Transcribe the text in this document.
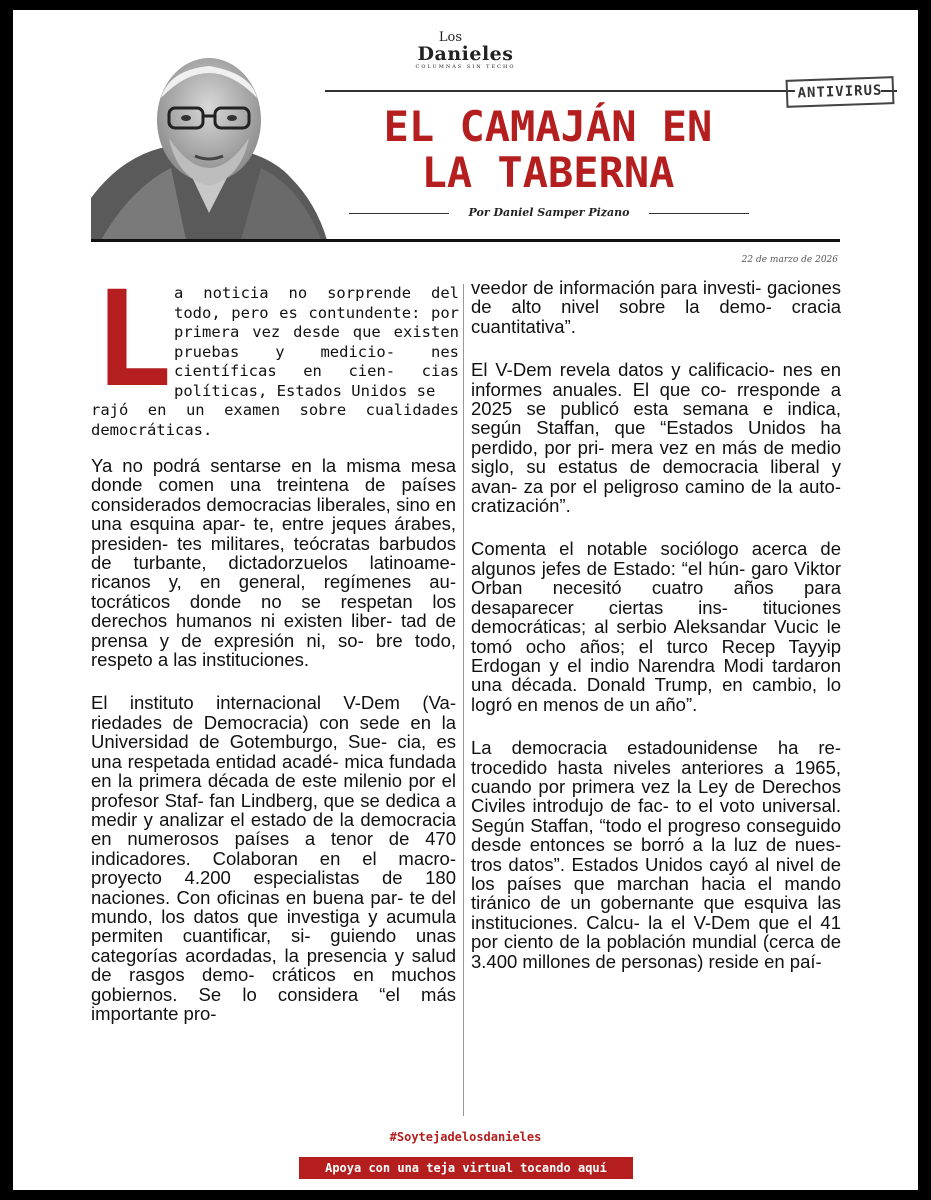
Los
Danieles
COLUMNAS SIN TECHO
ANTIVIRUS
EL CAMAJÁN EN
LA TABERNA
Por Daniel Samper Pizano
22 de marzo de 2026
L a noticia no sorprende del todo, pero es contundente: por primera vez desde que existen pruebas y medicio- nes científicas en cien- cias políticas, Estados Unidos se
rajó en un examen sobre cualidades democráticas.

Ya no podrá sentarse en la misma mesa donde comen una treintena de países considerados democracias liberales, sino en una esquina apar- te, entre jeques árabes, presiden- tes militares, teócratas barbudos de turbante, dictadorzuelos latinoame- ricanos y, en general, regímenes au- tocráticos donde no se respetan los derechos humanos ni existen liber- tad de prensa y de expresión ni, so- bre todo, respeto a las instituciones.

El instituto internacional V-Dem (Va- riedades de Democracia) con sede en la Universidad de Gotemburgo, Sue- cia, es una respetada entidad acadé- mica fundada en la primera década de este milenio por el profesor Staf- fan Lindberg, que se dedica a medir y analizar el estado de la democracia en numerosos países a tenor de 470 indicadores. Colaboran en el macro- proyecto 4.200 especialistas de 180 naciones. Con oficinas en buena par- te del mundo, los datos que investiga y acumula permiten cuantificar, si- guiendo unas categorías acordadas, la presencia y salud de rasgos demo- cráticos en muchos gobiernos. Se lo considera “el más importante pro-

veedor de información para investi- gaciones de alto nivel sobre la demo- cracia cuantitativa”.

El V-Dem revela datos y calificacio- nes en informes anuales. El que co- rresponde a 2025 se publicó esta semana e indica, según Staffan, que “Estados Unidos ha perdido, por pri- mera vez en más de medio siglo, su estatus de democracia liberal y avan- za por el peligroso camino de la auto- cratización”.

Comenta el notable sociólogo acerca de algunos jefes de Estado: “el hún- garo Viktor Orban necesitó cuatro años para desaparecer ciertas ins- tituciones democráticas; al serbio Aleksandar Vucic le tomó ocho años; el turco Recep Tayyip Erdogan y el indio Narendra Modi tardaron una década. Donald Trump, en cambio, lo logró en menos de un año”.

La democracia estadounidense ha re- trocedido hasta niveles anteriores a 1965, cuando por primera vez la Ley de Derechos Civiles introdujo de fac- to el voto universal. Según Staffan, “todo el progreso conseguido desde entonces se borró a la luz de nues- tros datos”. Estados Unidos cayó al nivel de los países que marchan hacia el mando tiránico de un gobernante que esquiva las instituciones. Calcu- la el V-Dem que el 41 por ciento de la población mundial (cerca de 3.400 millones de personas) reside en paí-

#Soytejadelosdanieles
Apoya con una teja virtual tocando aquí
